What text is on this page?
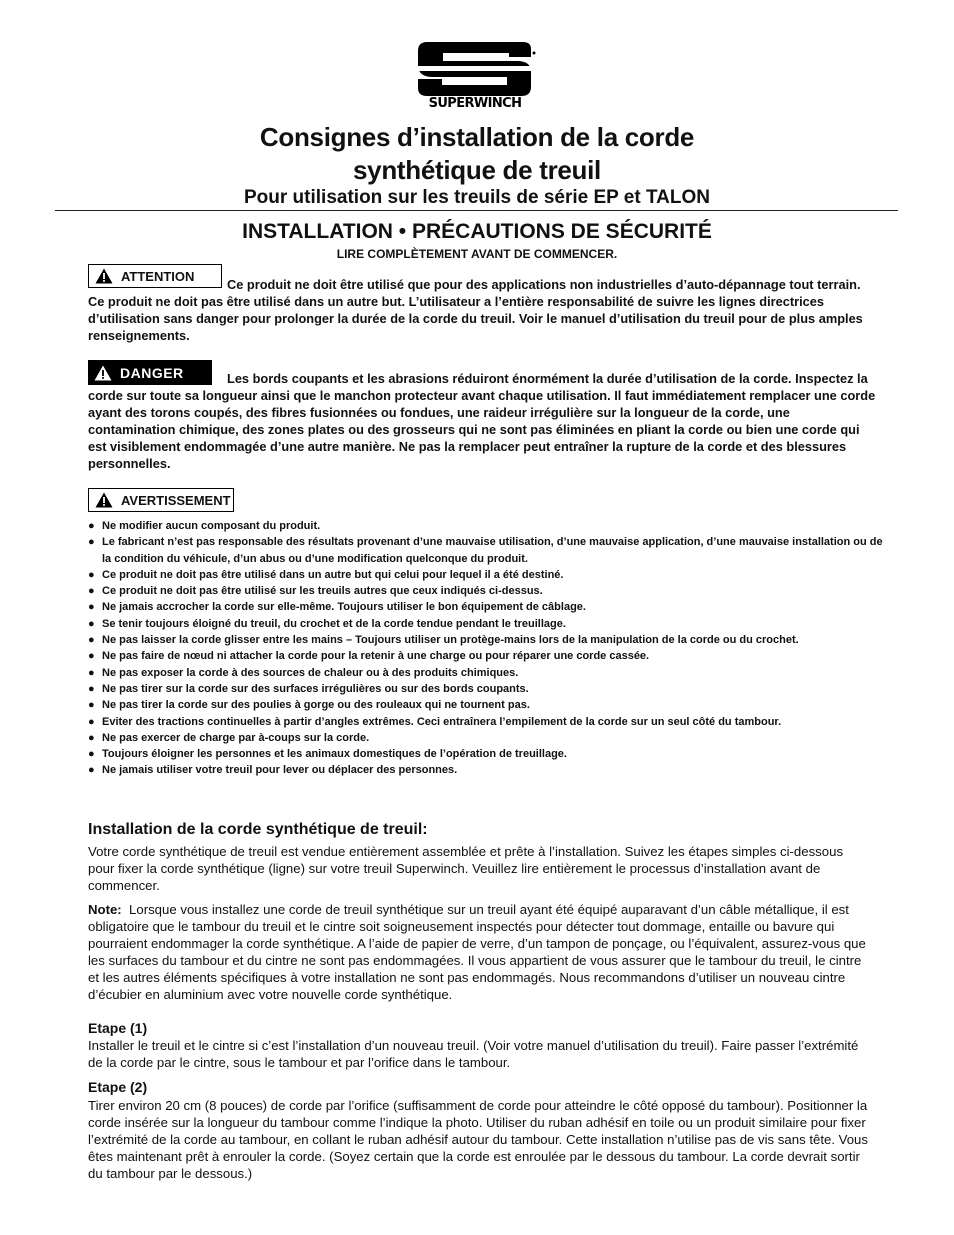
SUPERWINCH
Consignes d’installation de la corde
synthétique de treuil
Pour utilisation sur les treuils de série EP et TALON
INSTALLATION • PRÉCAUTIONS DE SÉCURITÉ
LIRE COMPLÈTEMENT AVANT DE COMMENCER.
ATTENTION

Ce produit ne doit être utilisé que pour des applications non industrielles d’auto-dépannage tout terrain. Ce produit ne doit pas être utilisé dans un autre but. L’utilisateur a l’entière responsabilité de suivre les lignes directrices d’utilisation sans danger pour prolonger la durée de la corde du treuil. Voir le manuel d’utilisation du treuil pour de plus amples renseignements.

DANGER	Les bords coupants et les abrasions réduiront énormément la durée d’utilisation de la corde. Inspectez la corde sur toute sa longueur ainsi que le manchon protecteur avant chaque utilisation. Il faut immédiatement remplacer une corde ayant des torons coupés, des fibres fusionnées ou fondues, une raideur irrégulière sur la longueur de la corde, une contamination chimique, des zones plates ou des grosseurs qui ne sont pas éliminées en pliant la corde ou bien une corde qui est visiblement endommagée d’une autre manière. Ne pas la remplacer peut entraîner la rupture de la corde et des blessures personnelles.

AVERTISSEMENT
● Ne modifier aucun composant du produit.
● Le fabricant n’est pas responsable des résultats provenant d’une mauvaise utilisation, d’une mauvaise application, d’une mauvaise installation ou de la condition du véhicule, d’un abus ou d’une modification quelconque du produit.
● Ce produit ne doit pas être utilisé dans un autre but qui celui pour lequel il a été destiné.
● Ce produit ne doit pas être utilisé sur les treuils autres que ceux indiqués ci-dessus.
● Ne jamais accrocher la corde sur elle-même. Toujours utiliser le bon équipement de câblage.
● Se tenir toujours éloigné du treuil, du crochet et de la corde tendue pendant le treuillage.
● Ne pas laisser la corde glisser entre les mains – Toujours utiliser un protège-mains lors de la manipulation de la corde ou du crochet.
● Ne pas faire de nœud ni attacher la corde pour la retenir à une charge ou pour réparer une corde cassée.
● Ne pas exposer la corde à des sources de chaleur ou à des produits chimiques.
● Ne pas tirer sur la corde sur des surfaces irrégulières ou sur des bords coupants.
● Ne pas tirer la corde sur des poulies à gorge ou des rouleaux qui ne tournent pas.
● Eviter des tractions continuelles à partir d’angles extrêmes. Ceci entraînera l’empilement de la corde sur un seul côté du tambour.
● Ne pas exercer de charge par à-coups sur la corde.
● Toujours éloigner les personnes et les animaux domestiques de l’opération de treuillage.
● Ne jamais utiliser votre treuil pour lever ou déplacer des personnes.
Installation de la corde synthétique de treuil:

Votre corde synthétique de treuil est vendue entièrement assemblée et prête à l’installation. Suivez les étapes simples ci-dessous pour fixer la corde synthétique (ligne) sur votre treuil Superwinch. Veuillez lire entièrement le processus d’installation avant de commencer.

Note: Lorsque vous installez une corde de treuil synthétique sur un treuil ayant été équipé auparavant d’un câble métallique, il est obligatoire que le tambour du treuil et le cintre soit soigneusement inspectés pour détecter tout dommage, entaille ou bavure qui pourraient endommager la corde synthétique. A l’aide de papier de verre, d’un tampon de ponçage, ou l’équivalent, assurez-vous que les surfaces du tambour et du cintre ne sont pas endommagées. Il vous appartient de vous assurer que le tambour du treuil, le cintre et les autres éléments spécifiques à votre installation ne sont pas endommagés. Nous recommandons d’utiliser un nouveau cintre d’écubier en aluminium avec votre nouvelle corde synthétique.

Etape (1)

Installer le treuil et le cintre si c’est l’installation d’un nouveau treuil. (Voir votre manuel d’utilisation du treuil). Faire passer l’extrémité de la corde par le cintre, sous le tambour et par l’orifice dans le tambour.

Etape (2)

Tirer environ 20 cm (8 pouces) de corde par l’orifice (suffisamment de corde pour atteindre le côté opposé du tambour). Positionner la corde insérée sur la longueur du tambour comme l’indique la photo. Utiliser du ruban adhésif en toile ou un produit similaire pour fixer l’extrémité de la corde au tambour, en collant le ruban adhésif autour du tambour. Cette installation n’utilise pas de vis sans tête. Vous êtes maintenant prêt à enrouler la corde. (Soyez certain que la corde est enroulée par le dessous du tambour. La corde devrait sortir du tambour par le dessous.)
